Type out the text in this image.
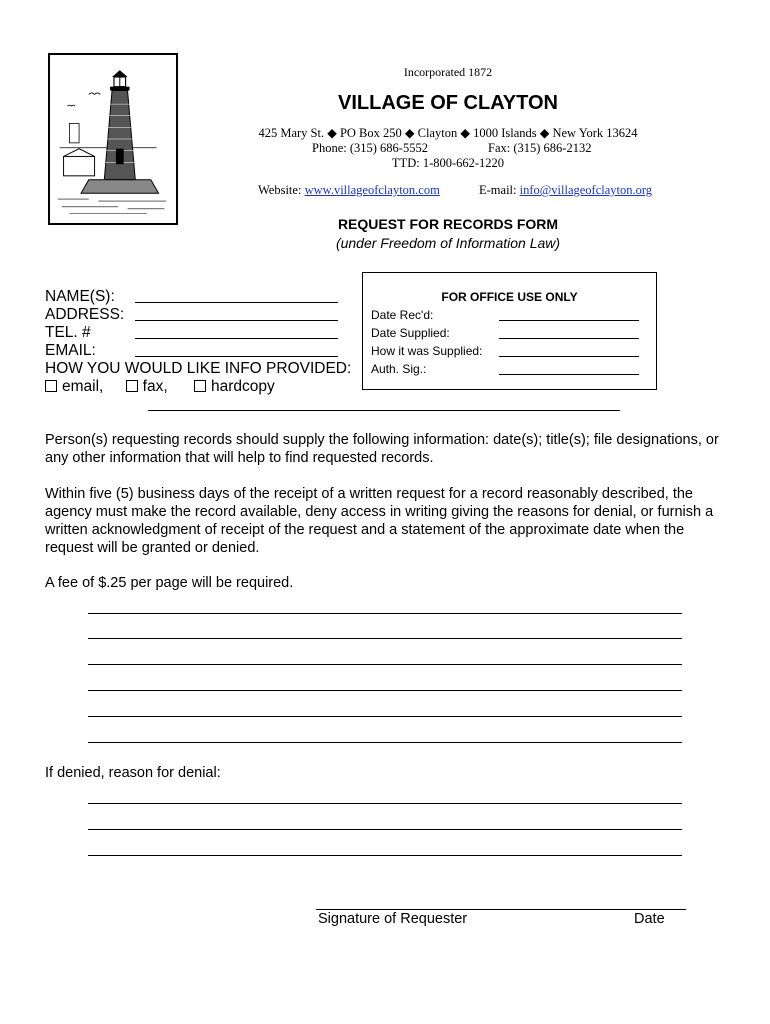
Incorporated 1872
VILLAGE OF CLAYTON
425 Mary St. ◆ PO Box 250 ◆ Clayton ◆ 1000 Islands ◆ New York 13624
Phone: (315) 686-5552	Fax: (315) 686-2132
TTD: 1-800-662-1220
Website: www.villageofclayton.com	E-mail: info@villageofclayton.org
REQUEST FOR RECORDS FORM
(under Freedom of Information Law)
NAME(S):
ADDRESS:
TEL. #
EMAIL:
HOW YOU WOULD LIKE INFO PROVIDED:
email,	fax,	hardcopy
FOR OFFICE USE ONLY
Date Rec'd:
Date Supplied:
How it was Supplied:
Auth. Sig.:
Person(s) requesting records should supply the following information: date(s); title(s); file designations, or any other information that will help to find requested records.
Within five (5) business days of the receipt of a written request for a record reasonably described, the agency must make the record available, deny access in writing giving the reasons for denial, or furnish a written acknowledgment of receipt of the request and a statement of the approximate date when the request will be granted or denied.
A fee of $.25 per page will be required.
If denied, reason for denial:
Signature of Requester	Date
